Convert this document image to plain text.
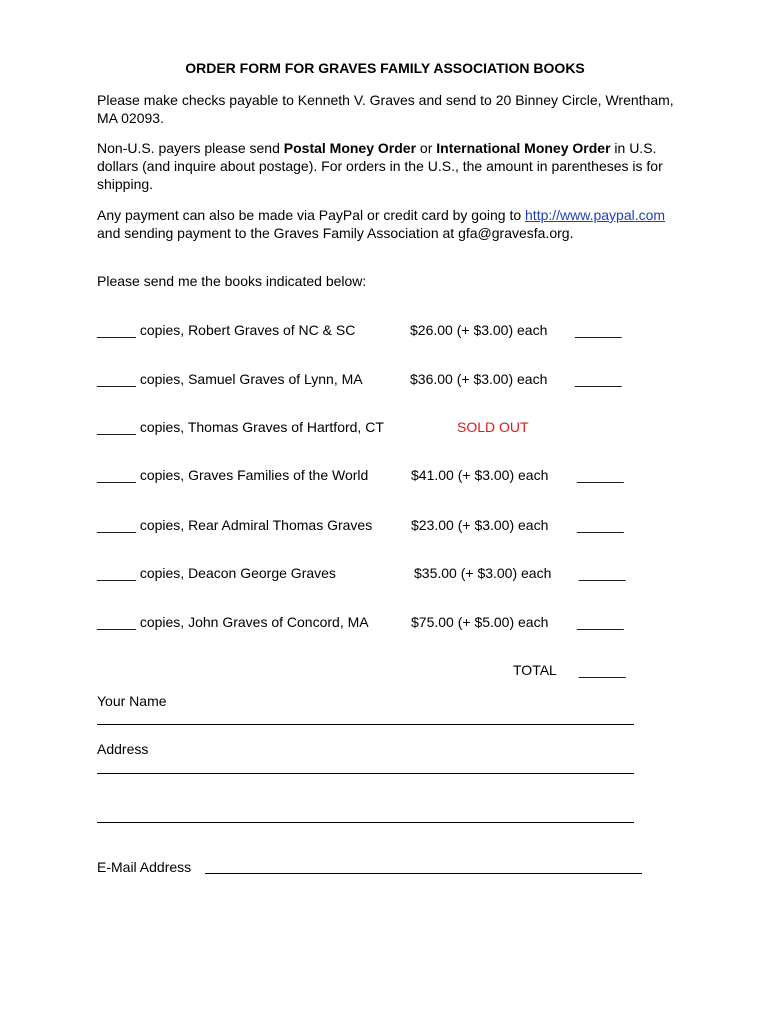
ORDER FORM FOR GRAVES FAMILY ASSOCIATION BOOKS
Please make checks payable to Kenneth V. Graves and send to 20 Binney Circle, Wrentham, MA 02093.
Non-U.S. payers please send Postal Money Order or International Money Order in U.S. dollars (and inquire about postage). For orders in the U.S., the amount in parentheses is for shipping.
Any payment can also be made via PayPal or credit card by going to http://www.paypal.com and sending payment to the Graves Family Association at gfa@gravesfa.org.
Please send me the books indicated below:
_____ copies, Robert Graves of NC & SC	$26.00 (+ $3.00) each ______
_____ copies, Samuel Graves of Lynn, MA	$36.00 (+ $3.00) each ______
_____ copies, Thomas Graves of Hartford, CT	SOLD OUT
_____ copies, Graves Families of the World	$41.00 (+ $3.00) each ______
_____ copies, Rear Admiral Thomas Graves	$23.00 (+ $3.00) each ______
_____ copies, Deacon George Graves	$35.00 (+ $3.00) each ______
_____ copies, John Graves of Concord, MA	$75.00 (+ $5.00) each ______
TOTAL ______
Your Name
Address
E-Mail Address
